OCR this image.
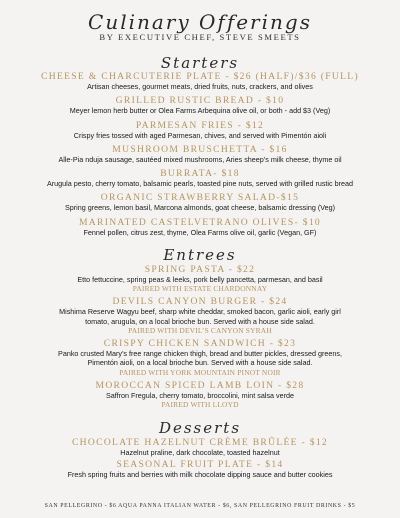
Culinary Offerings
BY EXECUTIVE CHEF, STEVE SMEETS
Starters
CHEESE & CHARCUTERIE PLATE - $26 (HALF)/$36 (FULL)
Artisan cheeses, gourmet meats, dried fruits, nuts, crackers, and olives
GRILLED RUSTIC BREAD - $10
Meyer lemon herb butter or Olea Farms Arbequina olive oil, or both - add $3 (Veg)
PARMESAN FRIES - $12
Crispy fries tossed with aged Parmesan, chives, and served with Pimentón aioli
MUSHROOM BRUSCHETTA - $16
Alle-Pia nduja sausage, sautéed mixed mushrooms, Aries sheep’s milk cheese, thyme oil
BURRATA- $18
Arugula pesto, cherry tomato, balsamic pearls, toasted pine nuts, served with grilled rustic bread
ORGANIC STRAWBERRY SALAD-$15
Spring greens, lemon basil, Marcona almonds, goat cheese, balsamic dressing (Veg)
MARINATED CASTELVETRANO OLIVES- $10
Fennel pollen, citrus zest, thyme, Olea Farms olive oil, garlic (Vegan, GF)
Entrees
SPRING PASTA - $22
Etto fettuccine, spring peas & leeks, pork belly pancetta, parmesan, and basil
PAIRED WITH ESTATE CHARDONNAY
DEVILS CANYON BURGER - $24
Mishima Reserve Wagyu beef, sharp white cheddar, smoked bacon, garlic aioli, early girl tomato, arugula, on a local brioche bun. Served with a house side salad.
PAIRED WITH DEVIL’S CANYON SYRAH
CRISPY CHICKEN SANDWICH - $23
Panko crusted Mary’s free range chicken thigh, bread and butter pickles, dressed greens, Pimentón aioli, on a local brioche bun. Served with a house side salad.
PAIRED WITH YORK MOUNTAIN PINOT NOIR
MOROCCAN SPICED LAMB LOIN - $28
Saffron Fregula, cherry tomato, broccolini, mint salsa verde
PAIRED WITH LLOYD
Desserts
CHOCOLATE HAZELNUT CRÈME BRÛLÉE - $12
Hazelnut praline, dark chocolate, toasted hazelnut
SEASONAL FRUIT PLATE - $14
Fresh spring fruits and berries with milk chocolate dipping sauce and butter cookies
SAN PELLEGRINO - $6 AQUA PANNA ITALIAN WATER - $6, SAN PELLEGRINO FRUIT DRINKS - $5
